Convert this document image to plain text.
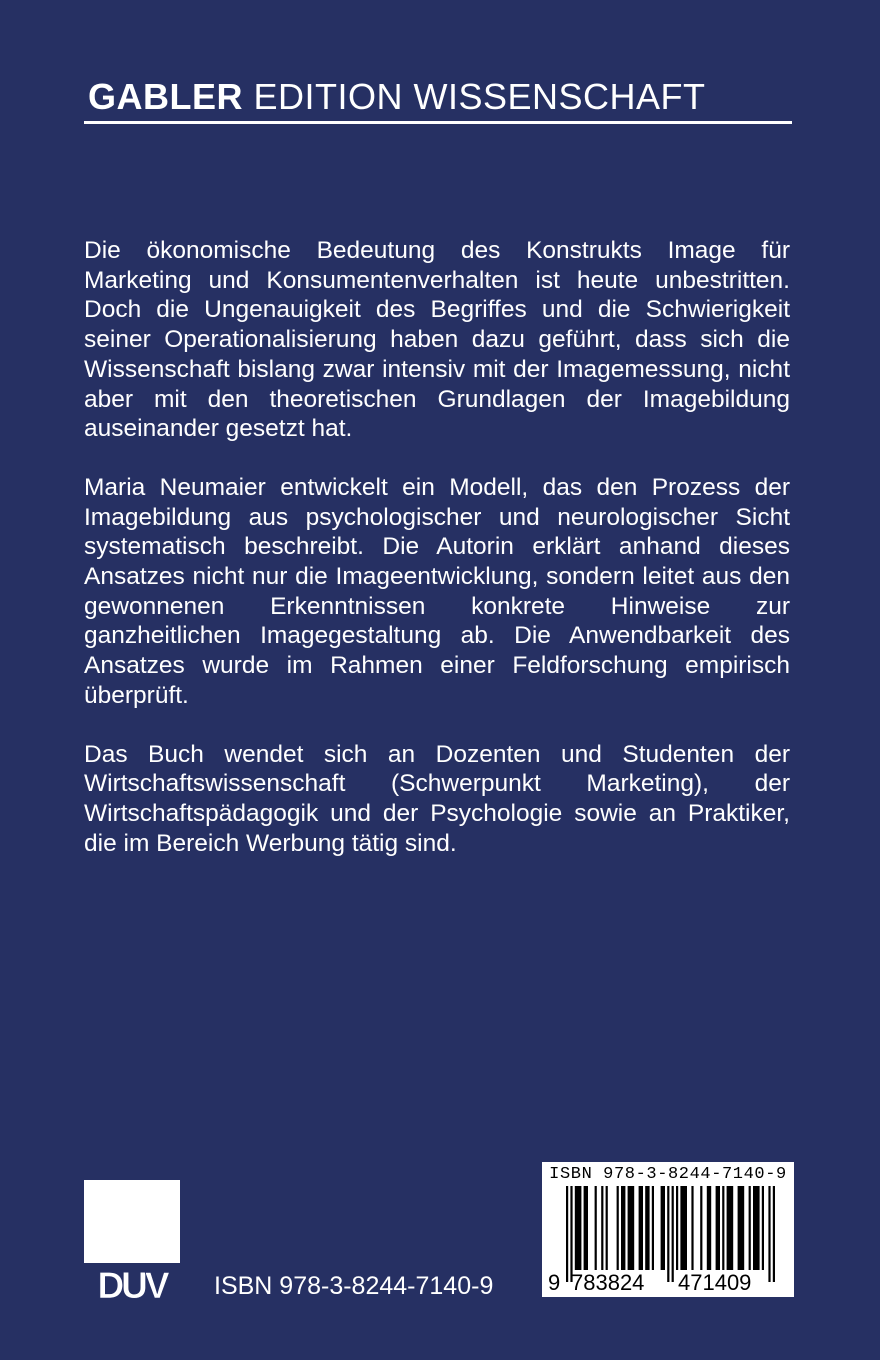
GABLER EDITION WISSENSCHAFT

Die ökonomische Bedeutung des Konstrukts Image für Marketing und Konsumentenverhalten ist heute unbestritten. Doch die Ungenauigkeit des Begriffes und die Schwierigkeit seiner Operationalisierung haben dazu geführt, dass sich die Wissenschaft bislang zwar intensiv mit der Imagemessung, nicht aber mit den theoretischen Grundlagen der Imagebildung auseinander gesetzt hat.

Maria Neumaier entwickelt ein Modell, das den Prozess der Imagebildung aus psychologischer und neurologischer Sicht systematisch beschreibt. Die Autorin erklärt anhand dieses Ansatzes nicht nur die Imageentwicklung, sondern leitet aus den gewonnenen Erkenntnissen konkrete Hinweise zur ganzheitlichen Imagegestaltung ab. Die Anwendbarkeit des Ansatzes wurde im Rahmen einer Feldforschung empirisch überprüft.

Das Buch wendet sich an Dozenten und Studenten der Wirtschaftswissenschaft (Schwerpunkt Marketing), der Wirtschaftspädagogik und der Psychologie sowie an Praktiker, die im Bereich Werbung tätig sind.

DUV ISBN 978-3-8244-7140-9
ISBN 978-3-8244-7140-9
9 783824 471409
